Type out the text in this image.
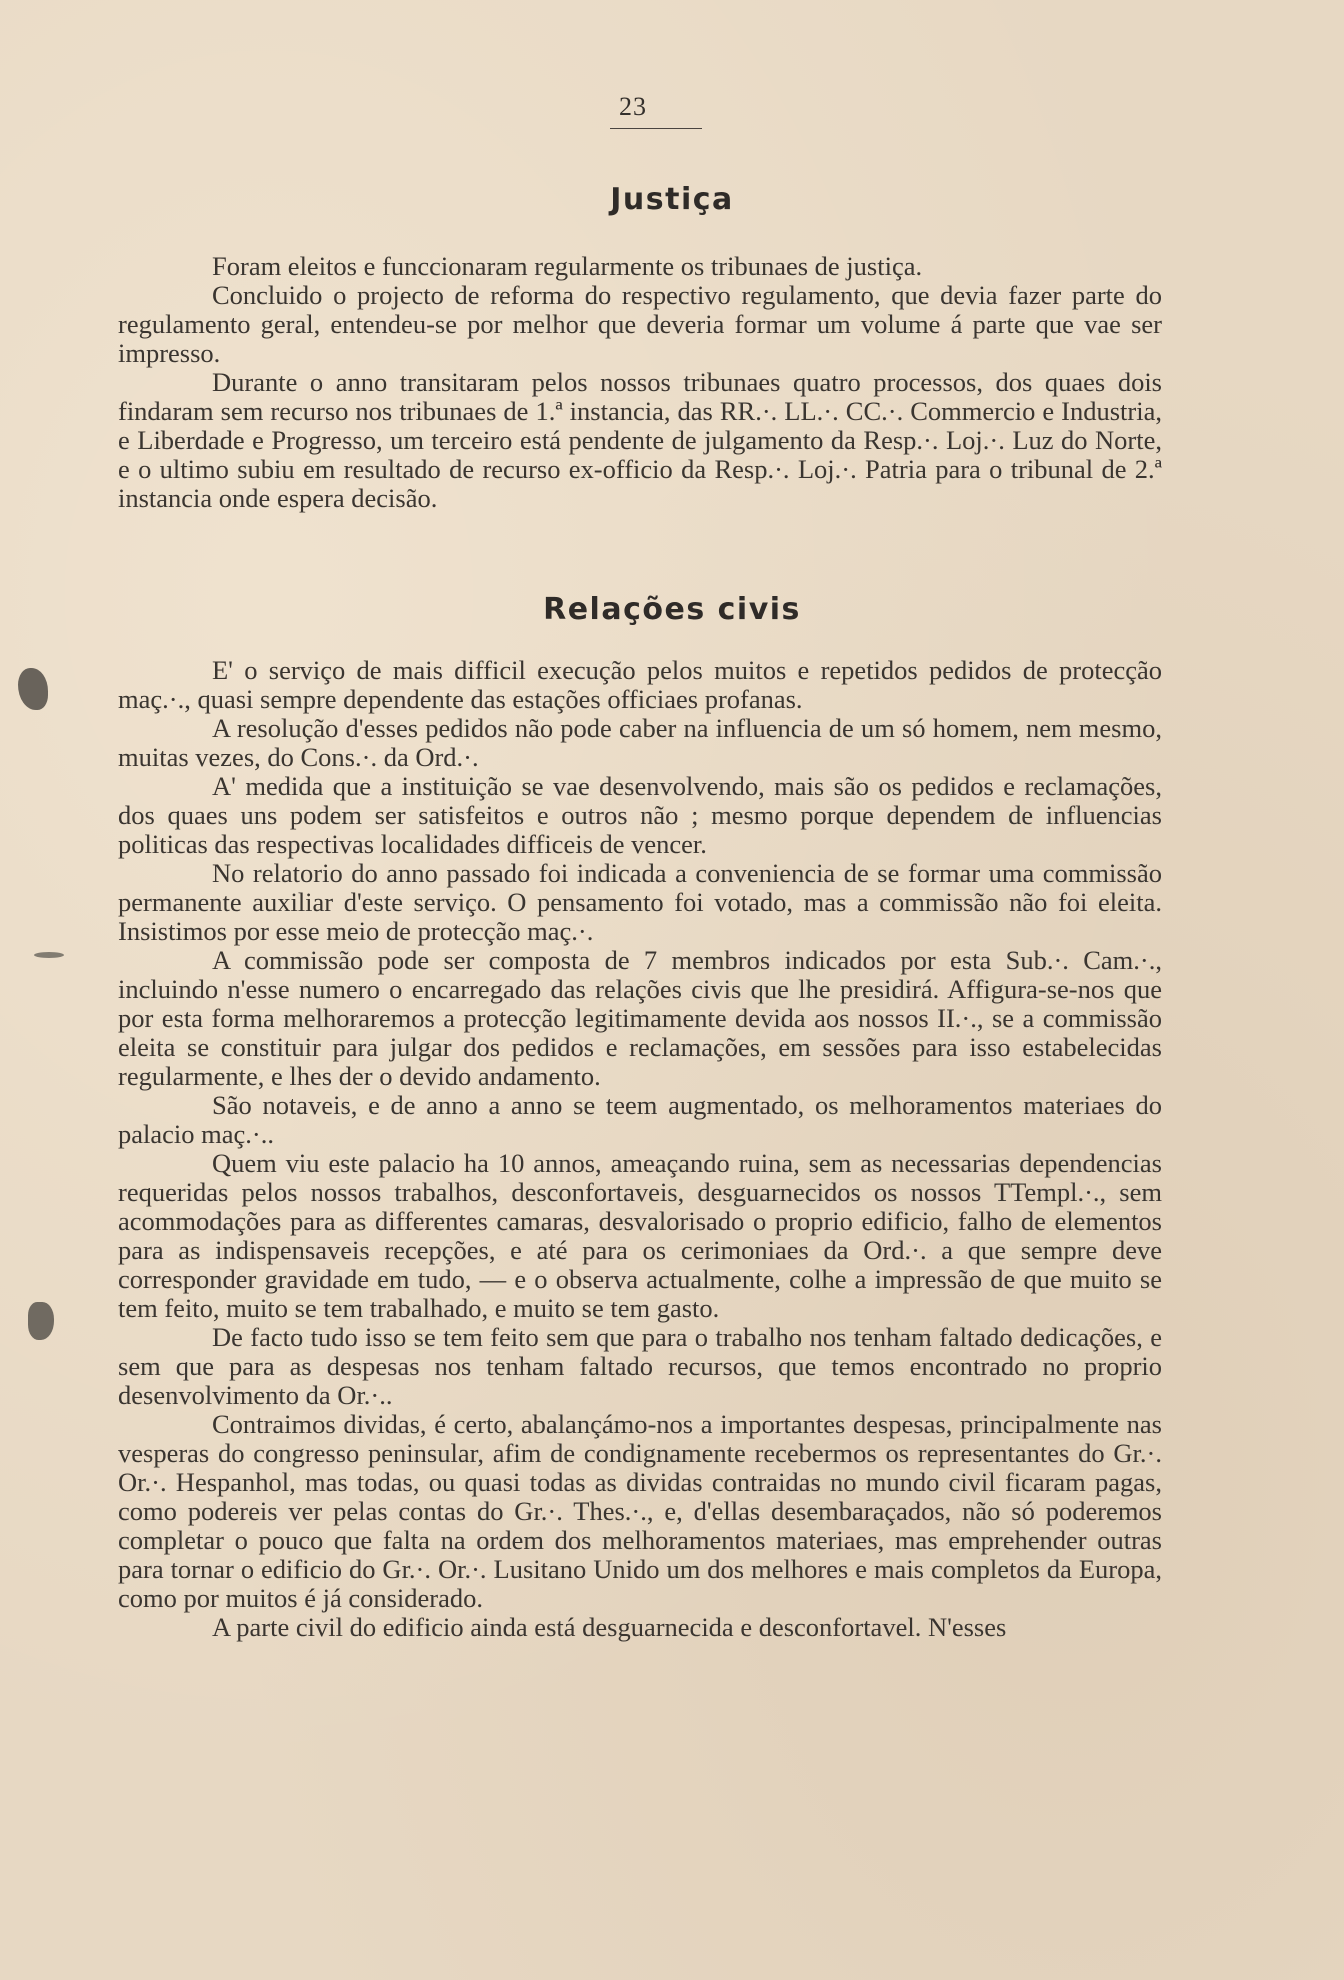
23
Justiça

Foram eleitos e funccionaram regularmente os tribunaes de justiça.

Concluido o projecto de reforma do respectivo regulamento, que devia fazer parte do regulamento geral, entendeu-se por melhor que deveria formar um volume á parte que vae ser impresso.

Durante o anno transitaram pelos nossos tribunaes quatro processos, dos quaes dois findaram sem recurso nos tribunaes de 1.ª instancia, das RR.·. LL.·. CC.·. Commercio e Industria, e Liberdade e Progresso, um terceiro está pendente de julgamento da Resp.·. Loj.·. Luz do Norte, e o ultimo subiu em resultado de recurso ex-officio da Resp.·. Loj.·. Patria para o tribunal de 2.ª instancia onde espera decisão.

Relações civis

E' o serviço de mais difficil execução pelos muitos e repetidos pedidos de protecção maç.·., quasi sempre dependente das estações officiaes profanas.

A resolução d'esses pedidos não pode caber na influencia de um só homem, nem mesmo, muitas vezes, do Cons.·. da Ord.·.

A' medida que a instituição se vae desenvolvendo, mais são os pedidos e reclamações, dos quaes uns podem ser satisfeitos e outros não ; mesmo porque dependem de influencias politicas das respectivas localidades difficeis de vencer.

No relatorio do anno passado foi indicada a conveniencia de se formar uma commissão permanente auxiliar d'este serviço. O pensamento foi votado, mas a commissão não foi eleita. Insistimos por esse meio de protecção maç.·.

A commissão pode ser composta de 7 membros indicados por esta Sub.·. Cam.·., incluindo n'esse numero o encarregado das relações civis que lhe presidirá. Affigura-se-nos que por esta forma melhoraremos a protecção legitimamente devida aos nossos II.·., se a commissão eleita se constituir para julgar dos pedidos e reclamações, em sessões para isso estabelecidas regularmente, e lhes der o devido andamento.

São notaveis, e de anno a anno se teem augmentado, os melhoramentos materiaes do palacio maç.·..

Quem viu este palacio ha 10 annos, ameaçando ruina, sem as necessarias dependencias requeridas pelos nossos trabalhos, desconfortaveis, desguarnecidos os nossos TTempl.·., sem acommodações para as differentes camaras, desvalorisado o proprio edificio, falho de elementos para as indispensaveis recepções, e até para os cerimoniaes da Ord.·. a que sempre deve corresponder gravidade em tudo, — e o observa actualmente, colhe a impressão de que muito se tem feito, muito se tem trabalhado, e muito se tem gasto.

De facto tudo isso se tem feito sem que para o trabalho nos tenham faltado dedicações, e sem que para as despesas nos tenham faltado recursos, que temos encontrado no proprio desenvolvimento da Or.·..

Contraimos dividas, é certo, abalançámo-nos a importantes despesas, principalmente nas vesperas do congresso peninsular, afim de condignamente recebermos os representantes do Gr.·. Or.·. Hespanhol, mas todas, ou quasi todas as dividas contraidas no mundo civil ficaram pagas, como podereis ver pelas contas do Gr.·. Thes.·., e, d'ellas desembaraçados, não só poderemos completar o pouco que falta na ordem dos melhoramentos materiaes, mas emprehender outras para tornar o edificio do Gr.·. Or.·. Lusitano Unido um dos melhores e mais completos da Europa, como por muitos é já considerado.

A parte civil do edificio ainda está desguarnecida e desconfortavel. N'esses
